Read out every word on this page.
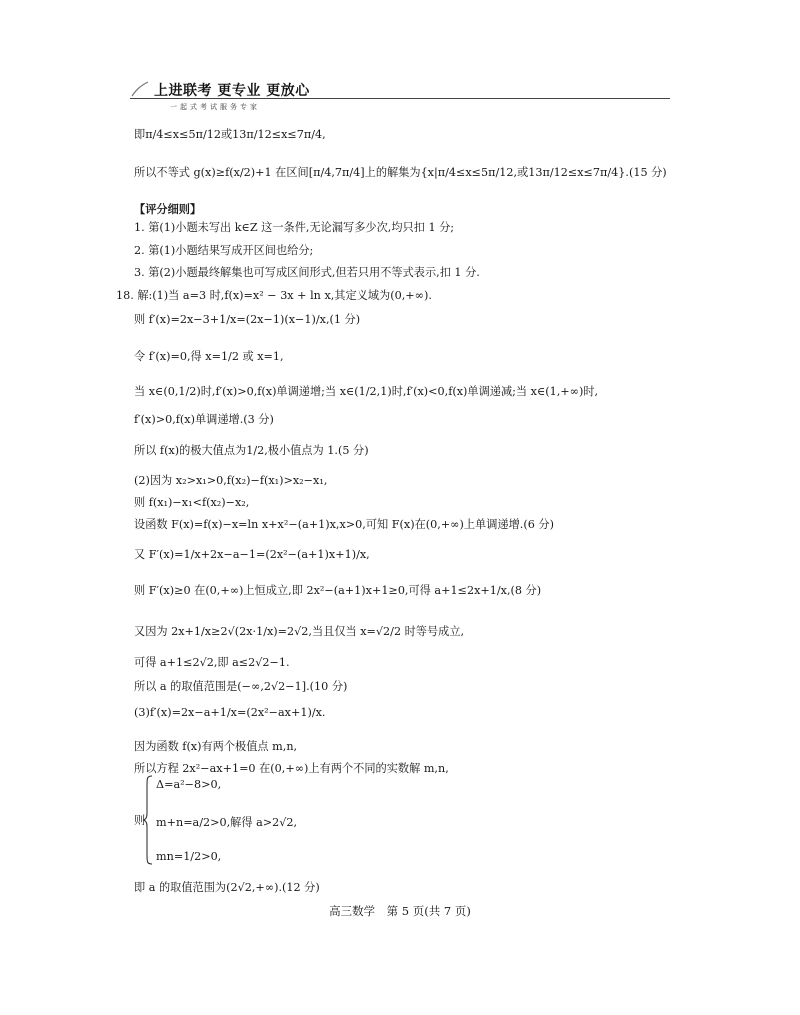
上进联考 更专业 更放心
一起式考试服务专家
即π/4≤x≤5π/12或13π/12≤x≤7π/4,
所以不等式 g(x)≥f(x/2)+1 在区间[π/4,7π/4]上的解集为{x|π/4≤x≤5π/12,或13π/12≤x≤7π/4}.(15 分)
【评分细则】
1. 第(1)小题未写出 k∈Z 这一条件,无论漏写多少次,均只扣 1 分;
2. 第(1)小题结果写成开区间也给分;
3. 第(2)小题最终解集也可写成区间形式,但若只用不等式表示,扣 1 分.
18. 解:(1)当 a=3 时,f(x)=x² − 3x + ln x,其定义域为(0,+∞).
则 f′(x)=2x−3+1/x=(2x−1)(x−1)/x,(1 分)
令 f′(x)=0,得 x=1/2 或 x=1,
当 x∈(0,1/2)时,f′(x)>0,f(x)单调递增;当 x∈(1/2,1)时,f′(x)<0,f(x)单调递减;当 x∈(1,+∞)时,
f′(x)>0,f(x)单调递增.(3 分)
所以 f(x)的极大值点为1/2,极小值点为 1.(5 分)
(2)因为 x₂>x₁>0,f(x₂)−f(x₁)>x₂−x₁,
则 f(x₁)−x₁<f(x₂)−x₂,
设函数 F(x)=f(x)−x=ln x+x²−(a+1)x,x>0,可知 F(x)在(0,+∞)上单调递增.(6 分)
又 F′(x)=1/x+2x−a−1=(2x²−(a+1)x+1)/x,
则 F′(x)≥0 在(0,+∞)上恒成立,即 2x²−(a+1)x+1≥0,可得 a+1≤2x+1/x,(8 分)
又因为 2x+1/x≥2√(2x·1/x)=2√2,当且仅当 x=√2/2 时等号成立,
可得 a+1≤2√2,即 a≤2√2−1.
所以 a 的取值范围是(−∞,2√2−1].(10 分)
(3)f′(x)=2x−a+1/x=(2x²−ax+1)/x.
因为函数 f(x)有两个极值点 m,n,
所以方程 2x²−ax+1=0 在(0,+∞)上有两个不同的实数解 m,n,
则
Δ=a²−8>0,
m+n=a/2>0,解得 a>2√2,
mn=1/2>0,
即 a 的取值范围为(2√2,+∞).(12 分)
高三数学　第 5 页(共 7 页)
